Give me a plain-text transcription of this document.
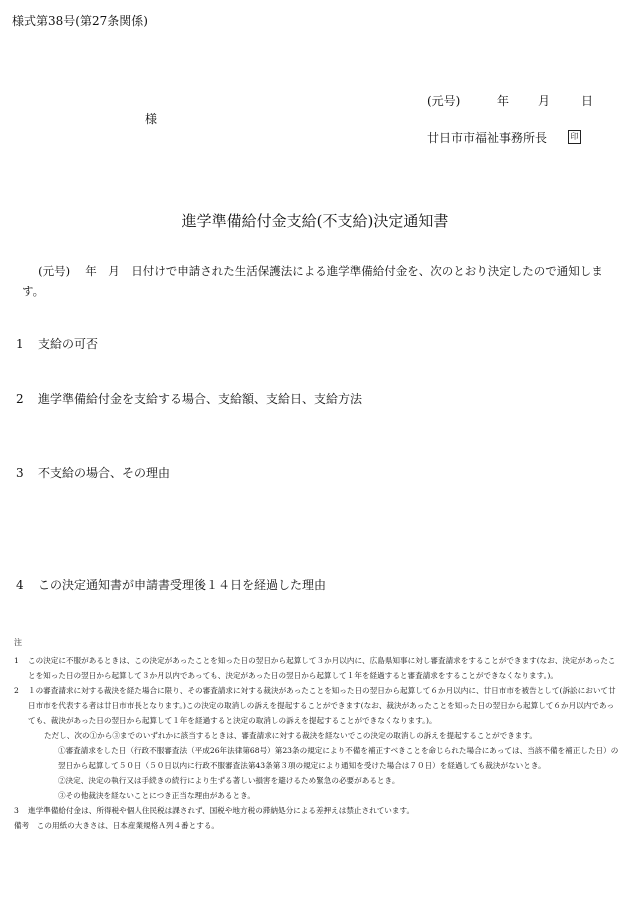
様式第38号(第27条関係)
(元号)	年 月	日
様
廿日市市福祉事務所長	印
進学準備給付金支給(不支給)決定通知書
(元号)　 年　月　日付けで申請された生活保護法による進学準備給付金を、次のとおり決定したので通知します。
1 支給の可否
2 進学準備給付金を支給する場合、支給額、支給日、支給方法
3 不支給の場合、その理由
4 この決定通知書が申請書受理後１４日を経過した理由
注
1 この決定に不服があるときは、この決定があったことを知った日の翌日から起算して３か月以内に、広島県知事に対し審査請求をすることができます(なお、決定があったことを知った日の翌日から起算して３か月以内であっても、決定があった日の翌日から起算して１年を経過すると審査請求をすることができなくなります。)。
2 １の審査請求に対する裁決を経た場合に限り、その審査請求に対する裁決があったことを知った日の翌日から起算して６か月以内に、廿日市市を被告として(訴訟において廿日市市を代表する者は廿日市市長となります。)この決定の取消しの訴えを提起することができます(なお、裁決があったことを知った日の翌日から起算して６か月以内であっても、裁決があった日の翌日から起算して１年を経過すると決定の取消しの訴えを提起することができなくなります。)。
ただし、次の①から③までのいずれかに該当するときは、審査請求に対する裁決を経ないでこの決定の取消しの訴えを提起することができます。
①審査請求をした日（行政不服審査法（平成26年法律第68号）第23条の規定により不備を補正すべきことを命じられた場合にあっては、当該不備を補正した日）の翌日から起算して５０日（５０日以内に行政不服審査法第43条第３項の規定により通知を受けた場合は７０日）を経過しても裁決がないとき。
②決定、決定の執行又は手続きの続行により生ずる著しい損害を避けるため緊急の必要があるとき。
③その他裁決を経ないことにつき正当な理由があるとき。
3 進学準備給付金は、所得税や個人住民税は課されず、国税や地方税の滞納処分による差押えは禁止されています。
備考　この用紙の大きさは、日本産業規格Ａ列４番とする。
